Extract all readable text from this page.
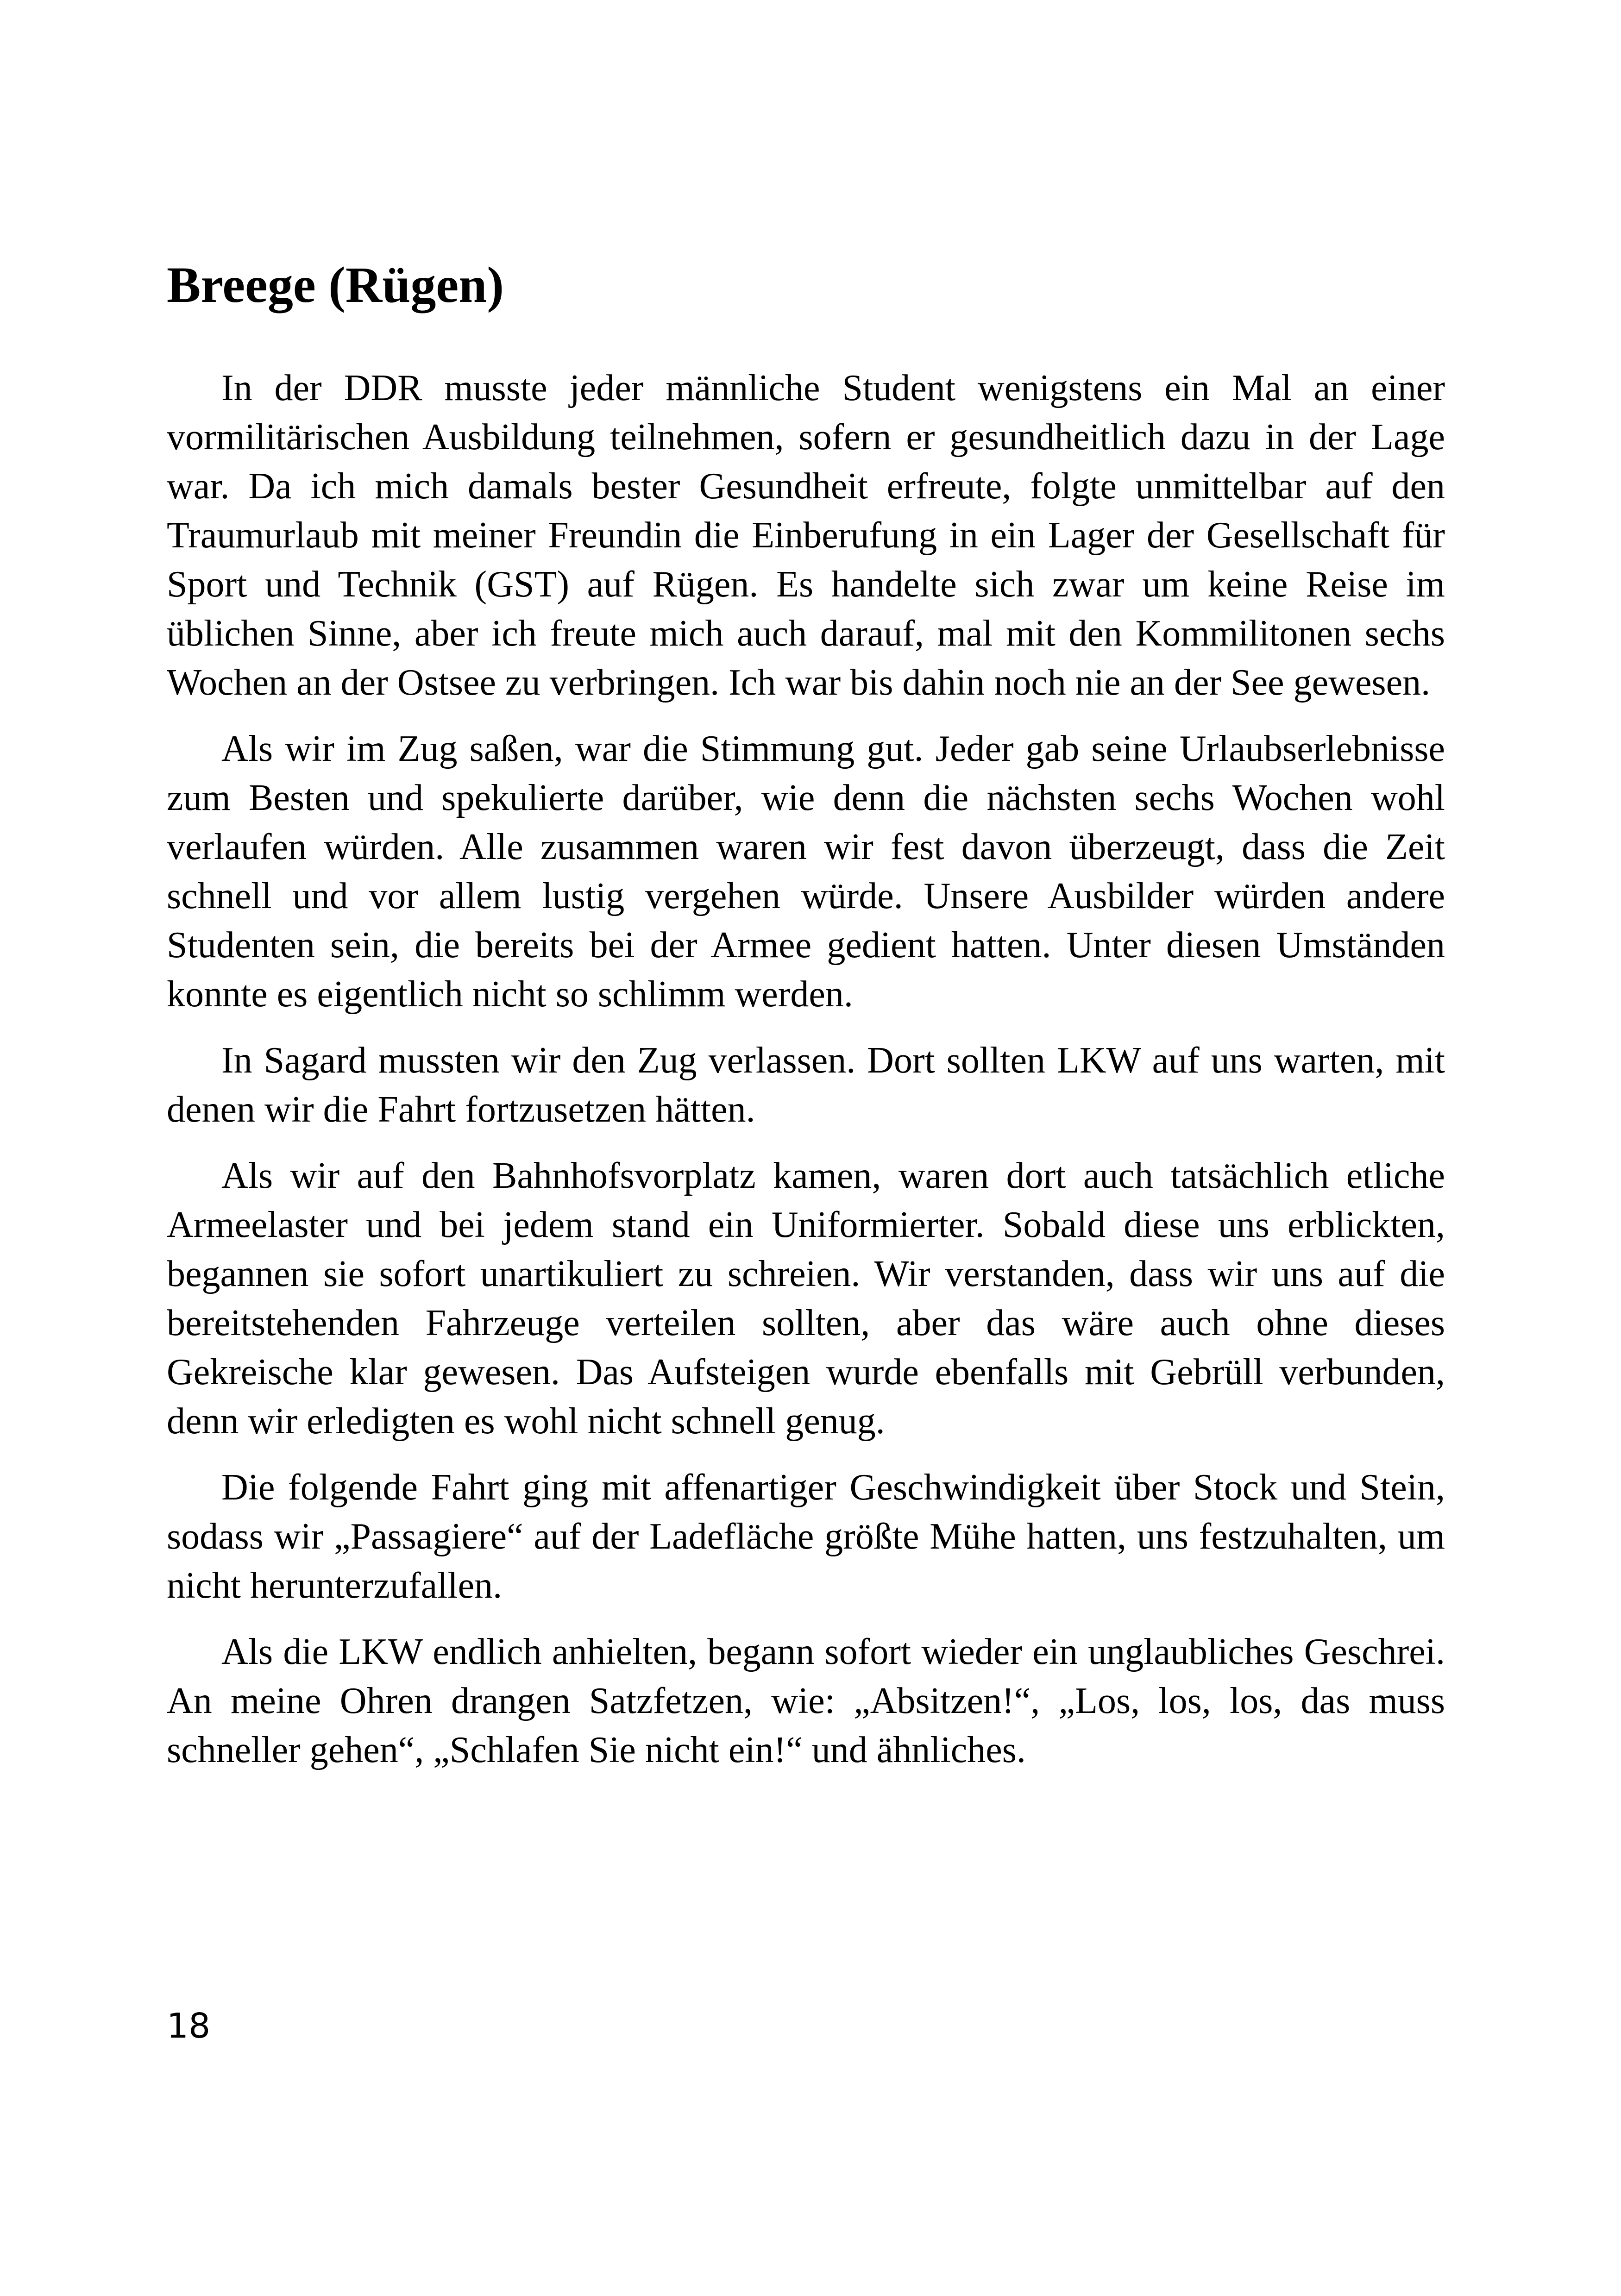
Breege (Rügen)

In der DDR musste jeder männliche Student wenigstens ein Mal an einer vormilitärischen Ausbildung teilnehmen, sofern er gesundheitlich dazu in der Lage war. Da ich mich damals bester Gesundheit erfreute, folgte unmittelbar auf den Traumurlaub mit meiner Freundin die Einberufung in ein Lager der Gesellschaft für Sport und Technik (GST) auf Rügen. Es handelte sich zwar um keine Reise im üblichen Sinne, aber ich freute mich auch darauf, mal mit den Kommilitonen sechs Wochen an der Ostsee zu verbringen. Ich war bis dahin noch nie an der See gewesen.

Als wir im Zug saßen, war die Stimmung gut. Jeder gab seine Urlaubserlebnisse zum Besten und spekulierte darüber, wie denn die nächsten sechs Wochen wohl verlaufen würden. Alle zusammen waren wir fest davon überzeugt, dass die Zeit schnell und vor allem lustig vergehen würde. Unsere Ausbilder würden andere Studenten sein, die bereits bei der Armee gedient hatten. Unter diesen Umständen konnte es eigentlich nicht so schlimm werden.

In Sagard mussten wir den Zug verlassen. Dort sollten LKW auf uns warten, mit denen wir die Fahrt fortzusetzen hätten.

Als wir auf den Bahnhofsvorplatz kamen, waren dort auch tatsächlich etliche Armeelaster und bei jedem stand ein Uniformierter. Sobald diese uns erblickten, begannen sie sofort unartikuliert zu schreien. Wir verstanden, dass wir uns auf die bereitstehenden Fahrzeuge verteilen sollten, aber das wäre auch ohne dieses Gekreische klar gewesen. Das Aufsteigen wurde ebenfalls mit Gebrüll verbunden, denn wir erledigten es wohl nicht schnell genug.

Die folgende Fahrt ging mit affenartiger Geschwindigkeit über Stock und Stein, sodass wir „Passagiere“ auf der Ladefläche größte Mühe hatten, uns festzuhalten, um nicht herunterzufallen.

Als die LKW endlich anhielten, begann sofort wieder ein unglaubliches Geschrei. An meine Ohren drangen Satzfetzen, wie: „Absitzen!“, „Los, los, los, das muss schneller gehen“, „Schlafen Sie nicht ein!“ und ähnliches.

18
